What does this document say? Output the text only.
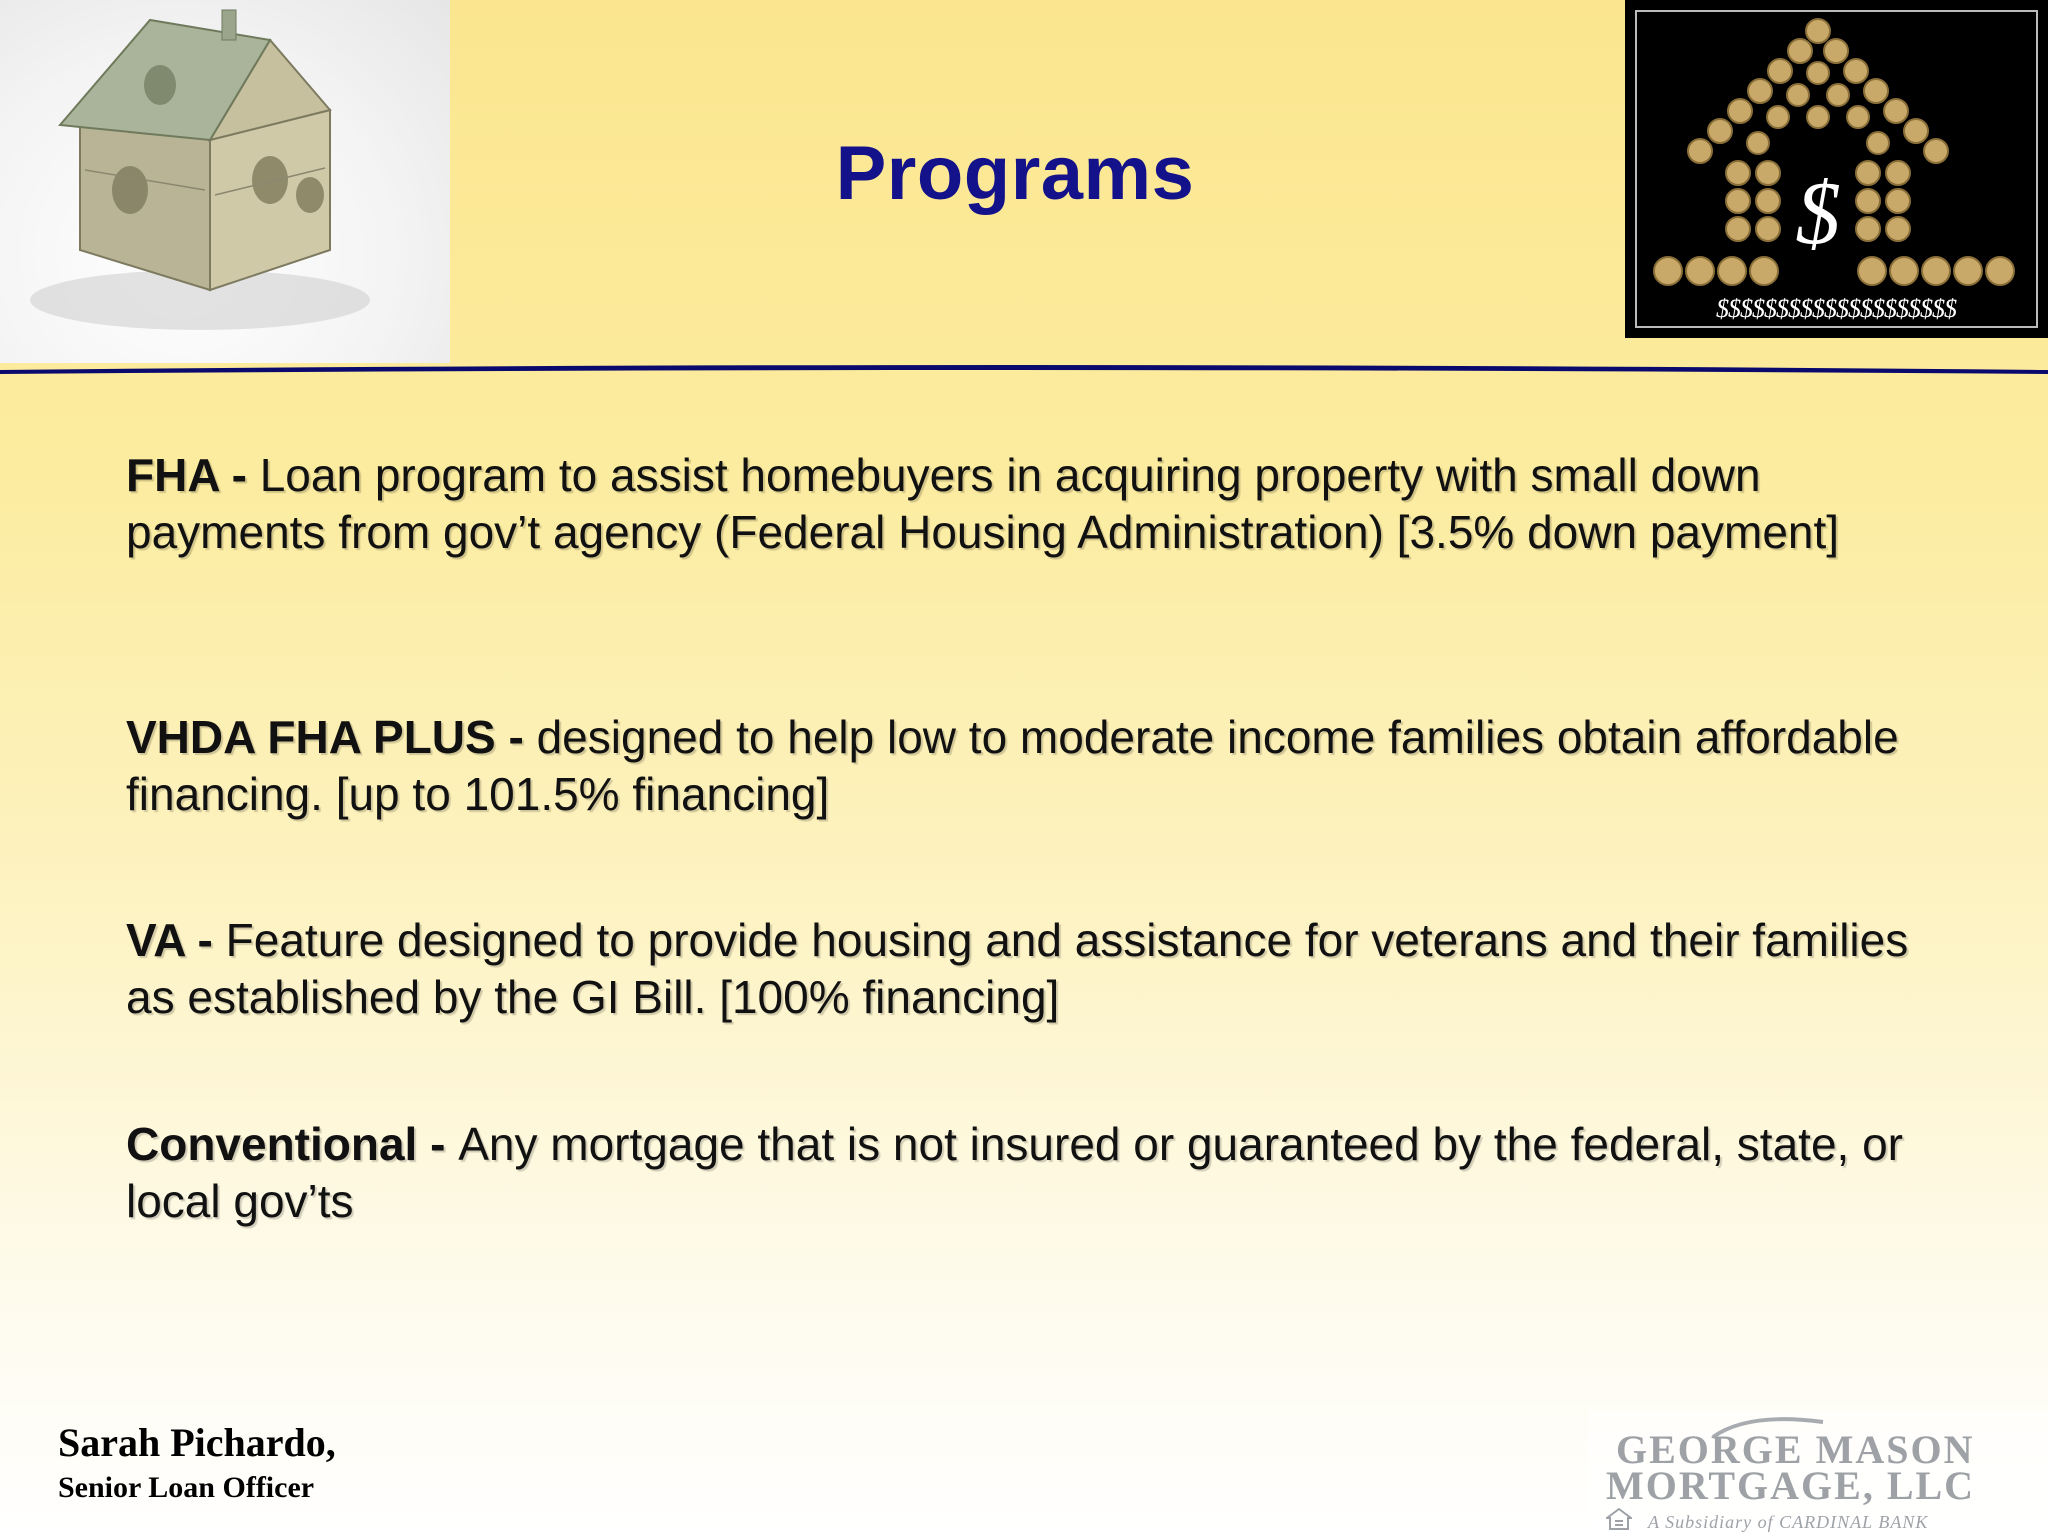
$
$$$$$$$$$$$$$$$$$$$$
Programs
FHA - Loan program to assist homebuyers in acquiring property with small down payments from gov’t agency (Federal Housing Administration) [3.5% down payment]
VHDA FHA PLUS - designed to help low to moderate income families obtain affordable financing. [up to 101.5% financing]
VA - Feature designed to provide housing and assistance for veterans and their families as established by the GI Bill. [100% financing]
Conventional - Any mortgage that is not insured or guaranteed by the federal, state, or local gov’ts
Sarah Pichardo,
Senior Loan Officer
GEORGE MASON
MORTGAGE, LLC
A Subsidiary of CARDINAL BANK
